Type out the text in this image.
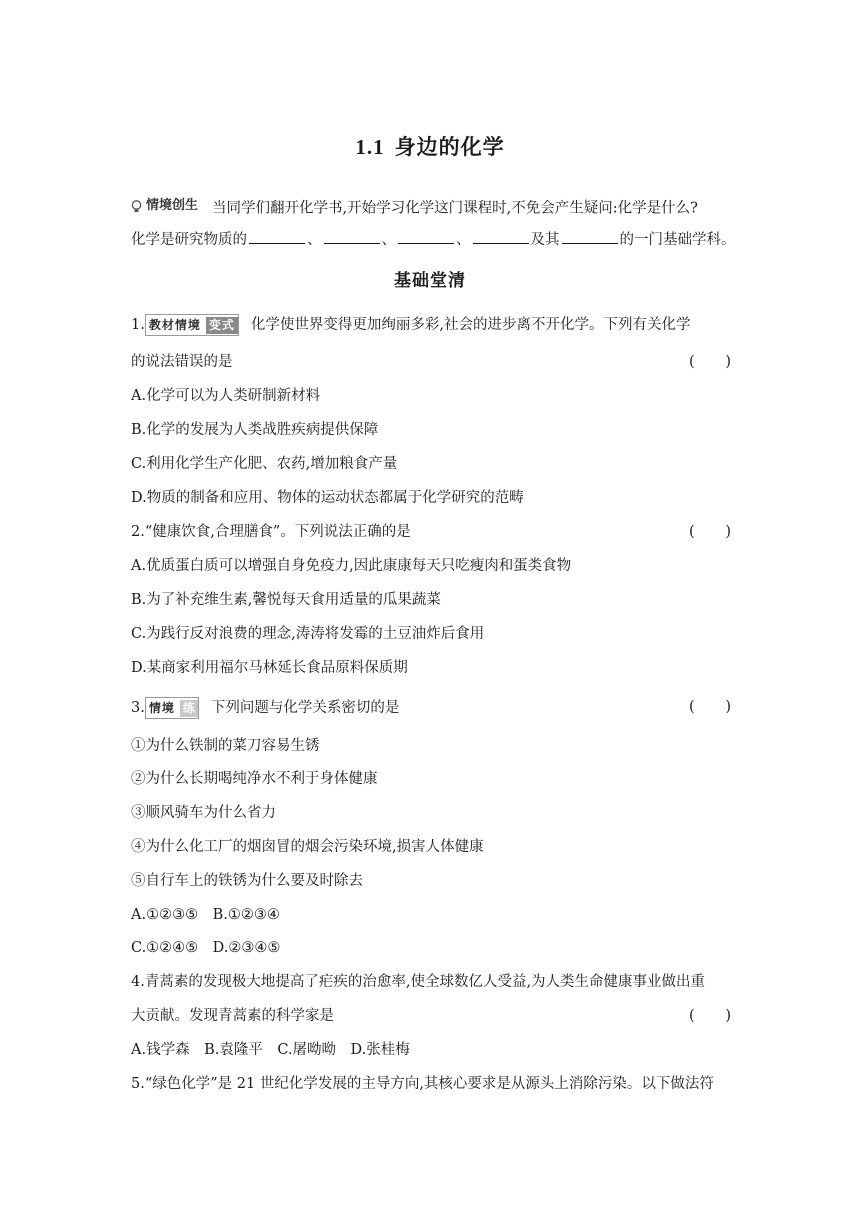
1.1 身边的化学
情境创生 当同学们翻开化学书,开始学习化学这门课程时,不免会产生疑问:化学是什么?
化学是研究物质的	、	、	、	及其	的一门基础学科。
基础堂清
1. 教材情境 变式 化学使世界变得更加绚丽多彩,社会的进步离不开化学。下列有关化学
的说法错误的是	( )
A.化学可以为人类研制新材料
B.化学的发展为人类战胜疾病提供保障
C.利用化学生产化肥、农药,增加粮食产量
D.物质的制备和应用、物体的运动状态都属于化学研究的范畴
2.“健康饮食,合理膳食”。下列说法正确的是	( )
A.优质蛋白质可以增强自身免疫力,因此康康每天只吃瘦肉和蛋类食物
B.为了补充维生素,馨悦每天食用适量的瓜果蔬菜
C.为践行反对浪费的理念,涛涛将发霉的土豆油炸后食用
D.某商家利用福尔马林延长食品原料保质期
3. 情境 练 下列问题与化学关系密切的是	( )
①为什么铁制的菜刀容易生锈
②为什么长期喝纯净水不利于身体健康
③顺风骑车为什么省力
④为什么化工厂的烟囱冒的烟会污染环境,损害人体健康
⑤自行车上的铁锈为什么要及时除去
A.①②③⑤　B.①②③④
C.①②④⑤　D.②③④⑤
4.青蒿素的发现极大地提高了疟疾的治愈率,使全球数亿人受益,为人类生命健康事业做出重
大贡献。发现青蒿素的科学家是	( )
A.钱学森　B.袁隆平　C.屠呦呦　D.张桂梅
5.“绿色化学”是 21 世纪化学发展的主导方向,其核心要求是从源头上消除污染。以下做法符
